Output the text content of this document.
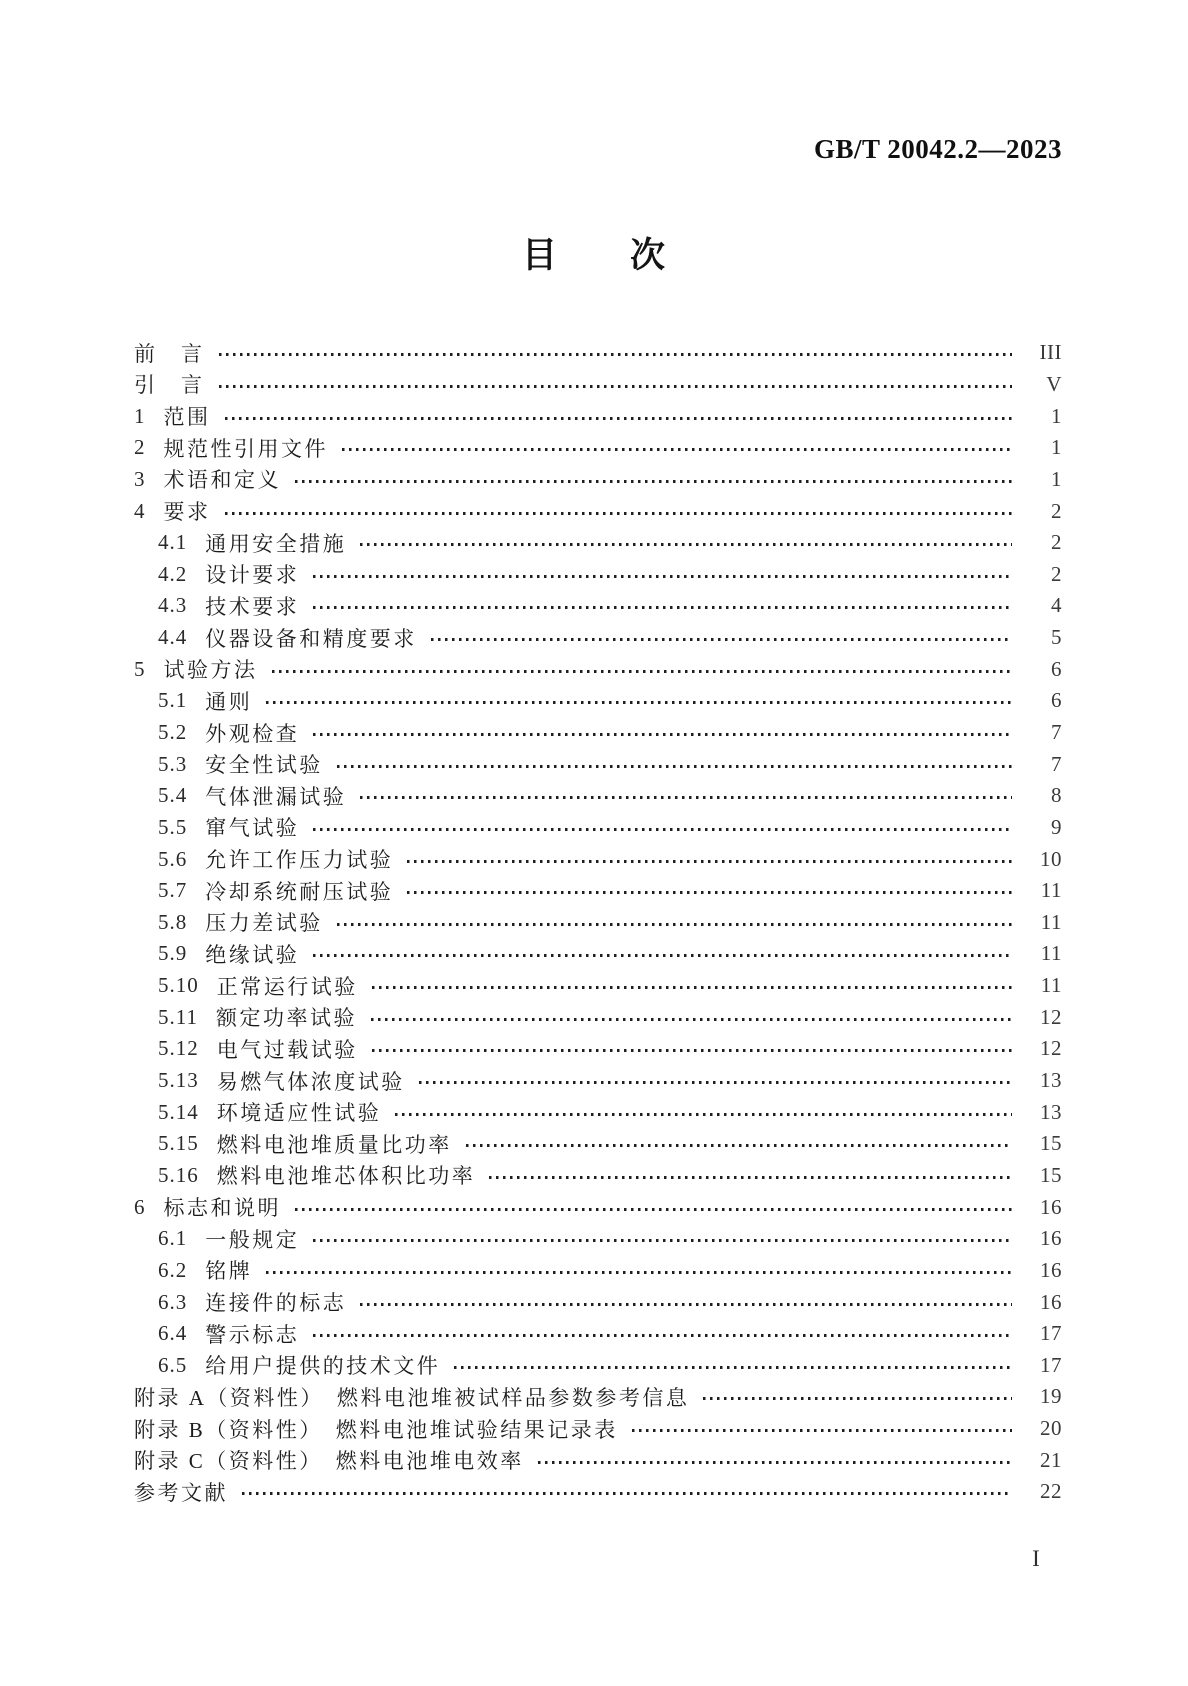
GB/T 20042.2—2023
目　　次
前　言	III
引　言	V
1 范围	1
2 规范性引用文件	1
3 术语和定义	1
4 要求	2
4.1 通用安全措施	2
4.2 设计要求	2
4.3 技术要求	4
4.4 仪器设备和精度要求	5
5 试验方法	6
5.1 通则	6
5.2 外观检查	7
5.3 安全性试验	7
5.4 气体泄漏试验	8
5.5 窜气试验	9
5.6 允许工作压力试验	10
5.7 冷却系统耐压试验	11
5.8 压力差试验	11
5.9 绝缘试验	11
5.10 正常运行试验	11
5.11 额定功率试验	12
5.12 电气过载试验	12
5.13 易燃气体浓度试验	13
5.14 环境适应性试验	13
5.15 燃料电池堆质量比功率	15
5.16 燃料电池堆芯体积比功率	15
6 标志和说明	16
6.1 一般规定	16
6.2 铭牌	16
6.3 连接件的标志	16
6.4 警示标志	17
6.5 给用户提供的技术文件	17
附录 A（资料性）　燃料电池堆被试样品参数参考信息	19
附录 B（资料性）　燃料电池堆试验结果记录表	20
附录 C（资料性）　燃料电池堆电效率	21
参考文献	22
I
